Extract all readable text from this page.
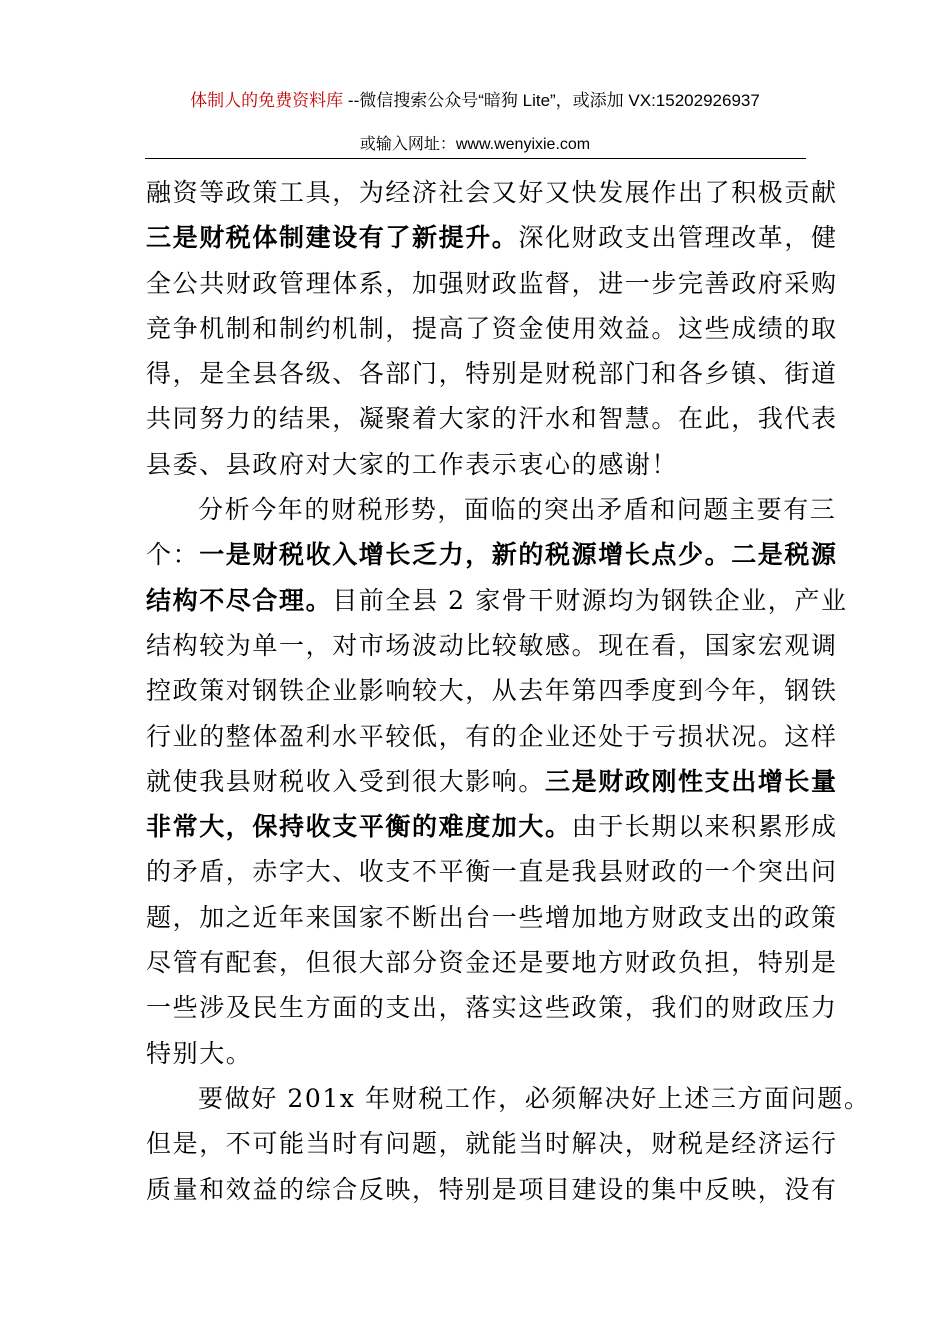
体制人的免费资料库 --微信搜索公众号“暗狗 Lite”，或添加 VX:15202926937
或输入网址：www.wenyixie.com
融资等政策工具，为经济社会又好又快发展作出了积极贡献
三是财税体制建设有了新提升。深化财政支出管理改革，健
全公共财政管理体系，加强财政监督，进一步完善政府采购
竞争机制和制约机制，提高了资金使用效益。这些成绩的取
得，是全县各级、各部门，特别是财税部门和各乡镇、街道
共同努力的结果，凝聚着大家的汗水和智慧。在此，我代表
县委、县政府对大家的工作表示衷心的感谢！
分析今年的财税形势，面临的突出矛盾和问题主要有三
个：一是财税收入增长乏力，新的税源增长点少。二是税源
结构不尽合理。目前全县 2 家骨干财源均为钢铁企业，产业
结构较为单一，对市场波动比较敏感。现在看，国家宏观调
控政策对钢铁企业影响较大，从去年第四季度到今年，钢铁
行业的整体盈利水平较低，有的企业还处于亏损状况。这样
就使我县财税收入受到很大影响。三是财政刚性支出增长量
非常大，保持收支平衡的难度加大。由于长期以来积累形成
的矛盾，赤字大、收支不平衡一直是我县财政的一个突出问
题，加之近年来国家不断出台一些增加地方财政支出的政策
尽管有配套，但很大部分资金还是要地方财政负担，特别是
一些涉及民生方面的支出，落实这些政策，我们的财政压力
特别大。
要做好 201x 年财税工作，必须解决好上述三方面问题。
但是，不可能当时有问题，就能当时解决，财税是经济运行
质量和效益的综合反映，特别是项目建设的集中反映，没有
